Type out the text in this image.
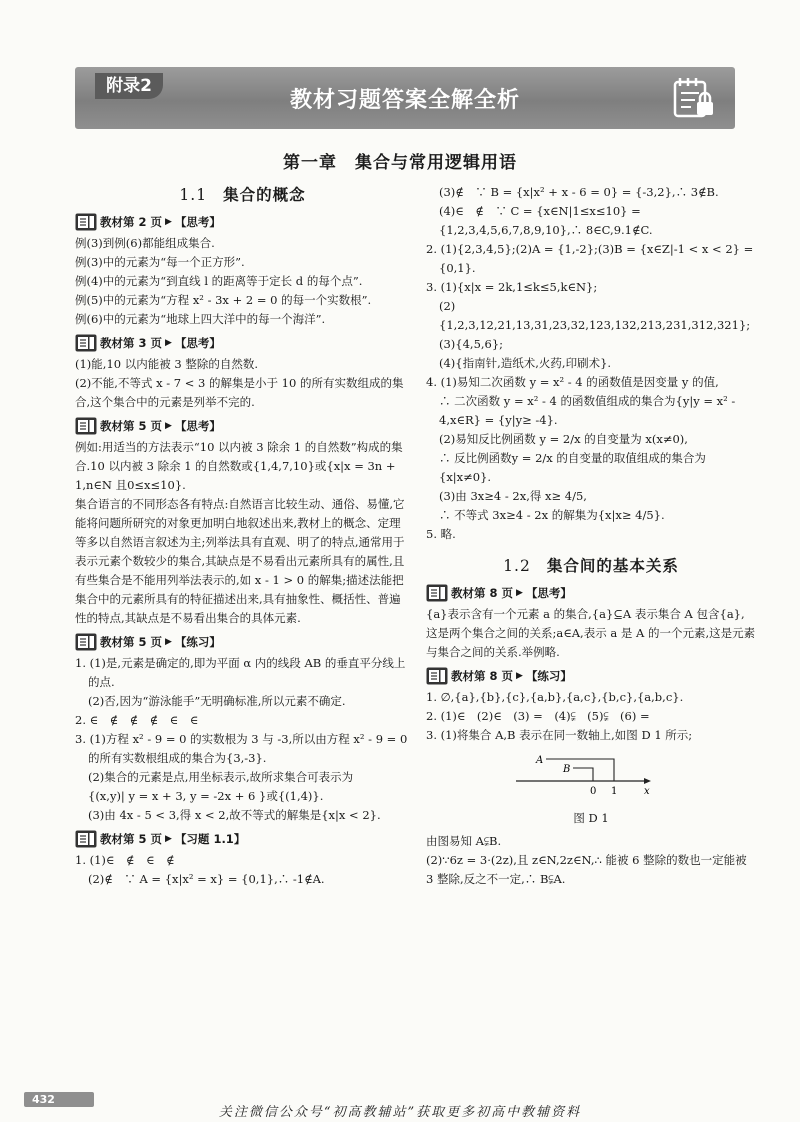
附录2
教材习题答案全解全析
第一章　集合与常用逻辑用语
1.1 集合的概念
教材第 2 页 ▶ 【思考】

例(3)到例(6)都能组成集合.

例(3)中的元素为“每一个正方形”.

例(4)中的元素为“到直线 l 的距离等于定长 d 的每个点”.

例(5)中的元素为“方程 x² - 3x + 2 = 0 的每一个实数根”.

例(6)中的元素为“地球上四大洋中的每一个海洋”.

教材第 3 页 ▶ 【思考】

(1)能,10 以内能被 3 整除的自然数.

(2)不能,不等式 x - 7 < 3 的解集是小于 10 的所有实数组成的集合,这个集合中的元素是列举不完的.

教材第 5 页 ▶ 【思考】

例如:用适当的方法表示“10 以内被 3 除余 1 的自然数”构成的集合.10 以内被 3 除余 1 的自然数或{1,4,7,10}或{x|x = 3n + 1,n∈N 且0≤x≤10}.

集合语言的不同形态各有特点:自然语言比较生动、通俗、易懂,它能将问题所研究的对象更加明白地叙述出来,教材上的概念、定理等多以自然语言叙述为主;列举法具有直观、明了的特点,通常用于表示元素个数较少的集合,其缺点是不易看出元素所具有的属性,且有些集合是不能用列举法表示的,如 x - 1 > 0 的解集;描述法能把集合中的元素所具有的特征描述出来,具有抽象性、概括性、普遍性的特点,其缺点是不易看出集合的具体元素.

教材第 5 页 ▶ 【练习】

1. (1)是,元素是确定的,即为平面 α 内的线段 AB 的垂直平分线上的点.

(2)否,因为“游泳能手”无明确标准,所以元素不确定.

2. ∈　∉　∉　∉　∈　∈

3. (1)方程 x² - 9 = 0 的实数根为 3 与 -3,所以由方程 x² - 9 = 0 的所有实数根组成的集合为{3,-3}.

(2)集合的元素是点,用坐标表示,故所求集合可表示为

{(x,y)| y = x + 3, y = -2x + 6 }或{(1,4)}.

(3)由 4x - 5 < 3,得 x < 2,故不等式的解集是{x|x < 2}.

教材第 5 页 ▶ 【习题 1.1】

1. (1)∈　∉　∈　∉

(2)∉　∵ A = {x|x² = x} = {0,1},∴ -1∉A.

(3)∉　∵ B = {x|x² + x - 6 = 0} = {-3,2},∴ 3∉B.

(4)∈　∉　∵ C = {x∈N|1≤x≤10} = {1,2,3,4,5,6,7,8,9,10},∴ 8∈C,9.1∉C.

2. (1){2,3,4,5};(2)A = {1,-2};(3)B = {x∈Z|-1 < x < 2} = {0,1}.

3. (1){x|x = 2k,1≤k≤5,k∈N};

(2){1,2,3,12,21,13,31,23,32,123,132,213,231,312,321};

(3){4,5,6};

(4){指南针,造纸术,火药,印刷术}.

4. (1)易知二次函数 y = x² - 4 的函数值是因变量 y 的值,

∴ 二次函数 y = x² - 4 的函数值组成的集合为{y|y = x² - 4,x∈R} = {y|y≥ -4}.

(2)易知反比例函数 y = 2/x 的自变量为 x(x≠0),

∴ 反比例函数y = 2/x 的自变量的取值组成的集合为{x|x≠0}.

(3)由 3x≥4 - 2x,得 x≥ 4/5,

∴ 不等式 3x≥4 - 2x 的解集为{x|x≥ 4/5}.

5. 略.

1.2 集合间的基本关系
教材第 8 页 ▶ 【思考】

{a}表示含有一个元素 a 的集合,{a}⊆A 表示集合 A 包含{a},这是两个集合之间的关系;a∈A,表示 a 是 A 的一个元素,这是元素与集合之间的关系.举例略.

教材第 8 页 ▶ 【练习】

1. ∅,{a},{b},{c},{a,b},{a,c},{b,c},{a,b,c}.

2. (1)∈　(2)∈　(3) =　(4)⫋　(5)⫋　(6) =

3. (1)将集合 A,B 表示在同一数轴上,如图 D 1 所示;

A
B
0 1	x
图 D 1

由图易知 A⫋B.

(2)∵6z = 3·(2z),且 z∈N,2z∈N,∴ 能被 6 整除的数也一定能被 3 整除,反之不一定,∴ B⫋A.

432
关注微信公众号“初高教辅站”获取更多初高中教辅资料
